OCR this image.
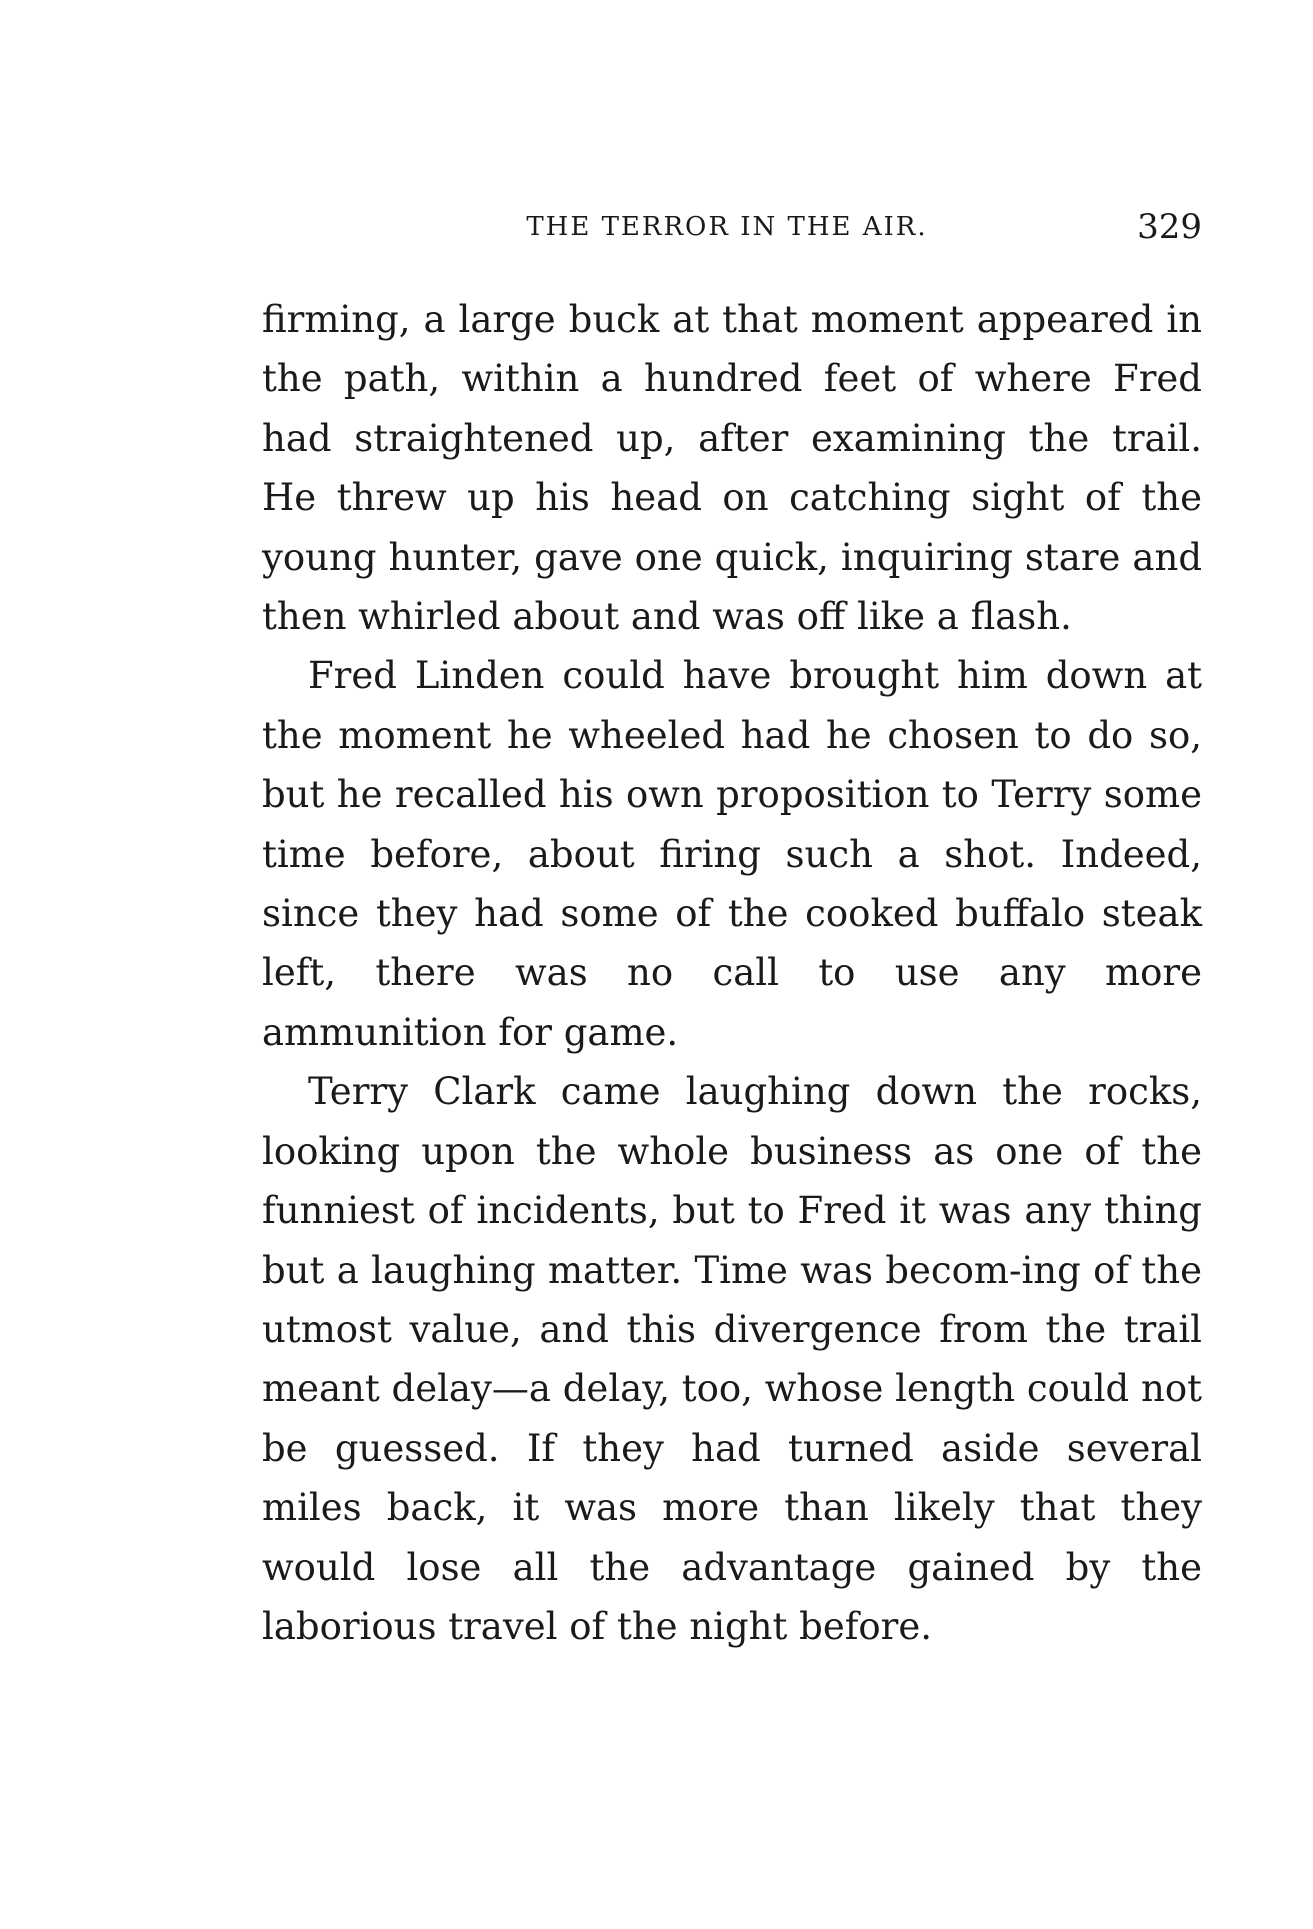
THE TERROR IN THE AIR.	329

firming, a large buck at that moment appeared in the path, within a hundred feet of where Fred had straightened up, after examining the trail. He threw up his head on catching sight of the young hunter, gave one quick, inquiring stare and then whirled about and was off like a flash.

Fred Linden could have brought him down at the moment he wheeled had he chosen to do so, but he recalled his own proposition to Terry some time before, about firing such a shot. Indeed, since they had some of the cooked buffalo steak left, there was no call to use any more ammunition for game.

Terry Clark came laughing down the rocks, looking upon the whole business as one of the funniest of incidents, but to Fred it was any thing but a laughing matter. Time was becom-ing of the utmost value, and this divergence from the trail meant delay—a delay, too, whose length could not be guessed. If they had turned aside several miles back, it was more than likely that they would lose all the advantage gained by the laborious travel of the night before.
